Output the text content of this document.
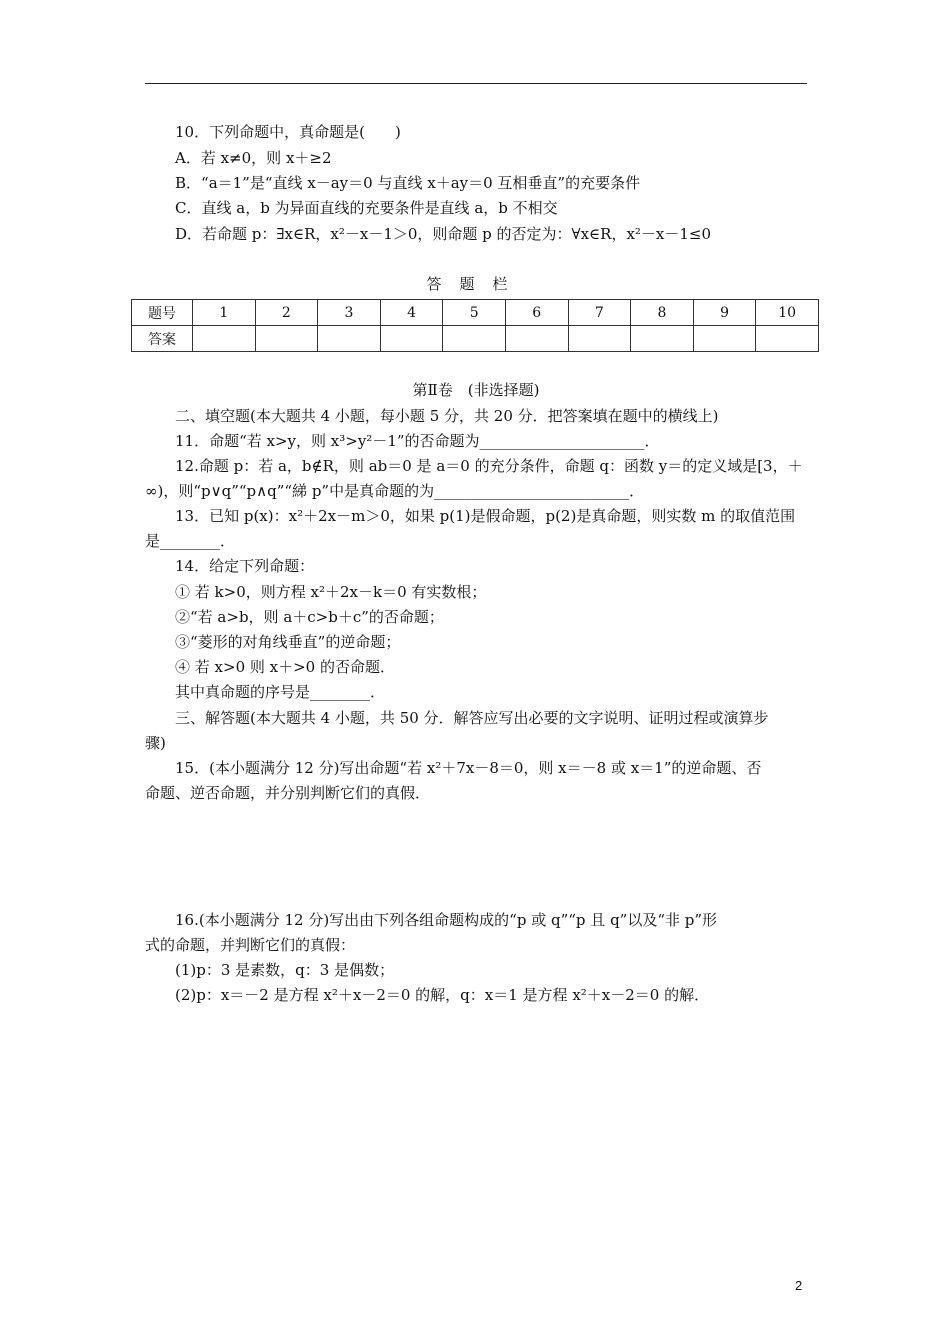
10．下列命题中，真命题是(　　)
A．若 x≠0，则 x＋≥2
B．“a＝1”是“直线 x－ay＝0 与直线 x＋ay＝0 互相垂直”的充要条件
C．直线 a，b 为异面直线的充要条件是直线 a，b 不相交
D．若命题 p：∃x∈R，x²－x－1＞0，则命题 p 的否定为：∀x∈R，x²－x－1≤0
答题栏
题号	1	2	3	4	5	6	7	8	9	10
答案										
第Ⅱ卷　(非选择题)
二、填空题(本大题共 4 小题，每小题 5 分，共 20 分．把答案填在题中的横线上)
11．命题“若 x>y，则 x³>y²－1”的否命题为______________________．
12.命题 p：若 a，b∉R，则 ab＝0 是 a＝0 的充分条件，命题 q：函数 y＝的定义域是[3，＋
∞)，则“p∨q”“p∧q”“綈 p”中是真命题的为__________________________．
13．已知 p(x)：x²＋2x－m＞0，如果 p(1)是假命题，p(2)是真命题，则实数 m 的取值范围
是________．
14．给定下列命题：
① 若 k>0，则方程 x²＋2x－k＝0 有实数根；
②“若 a>b，则 a＋c>b＋c”的否命题；
③“菱形的对角线垂直”的逆命题；
④ 若 x>0 则 x＋>0 的否命题．
其中真命题的序号是________．
三、解答题(本大题共 4 小题，共 50 分．解答应写出必要的文字说明、证明过程或演算步
骤)
15．(本小题满分 12 分)写出命题“若 x²＋7x－8＝0，则 x＝－8 或 x＝1”的逆命题、否
命题、逆否命题，并分别判断它们的真假．
16.(本小题满分 12 分)写出由下列各组命题构成的“p 或 q”“p 且 q”以及“非 p”形
式的命题，并判断它们的真假：
(1)p：3 是素数，q：3 是偶数；
(2)p：x＝－2 是方程 x²＋x－2＝0 的解，q：x＝1 是方程 x²＋x－2＝0 的解．
2
